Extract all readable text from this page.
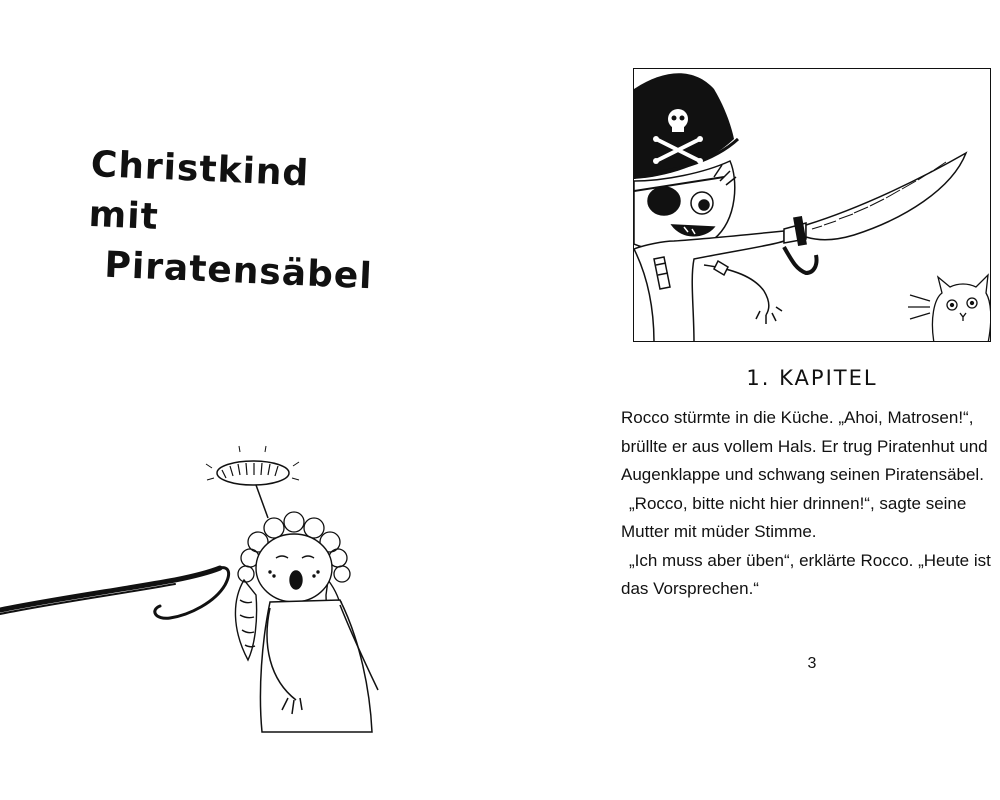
Christkind mit
Piratensäbel
1. KAPITEL

Rocco stürmte in die Küche. „Ahoi, Matrosen!“, brüllte er aus vollem Hals. Er trug Piratenhut und Augenklappe und schwang seinen Piratensäbel.
„Rocco, bitte nicht hier drinnen!“, sagte seine Mutter mit müder Stimme.
„Ich muss aber üben“, erklärte Rocco. „Heute ist das Vorsprechen.“

3
